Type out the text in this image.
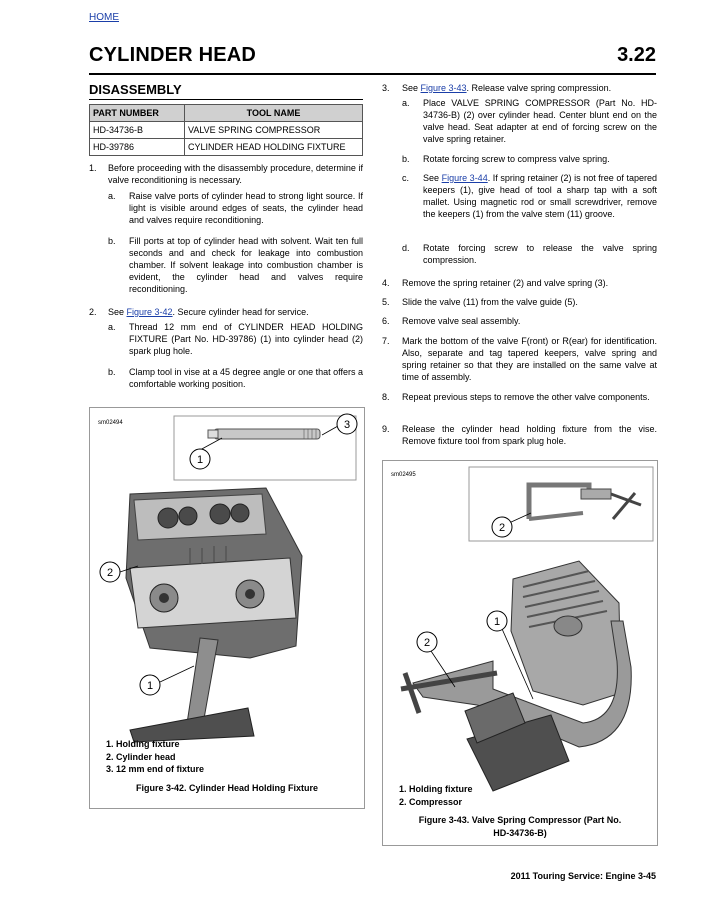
HOME
CYLINDER HEAD	3.22
DISASSEMBLY
PART NUMBER	TOOL NAME
HD-34736-B	VALVE SPRING COMPRESSOR
HD-39786	CYLINDER HEAD HOLDING FIXTURE
1.	Before proceeding with the disassembly procedure, determine if valve reconditioning is necessary.
a.	Raise valve ports of cylinder head to strong light source. If light is visible around edges of seats, the cylinder head and valves require reconditioning.
b.	Fill ports at top of cylinder head with solvent. Wait ten full seconds and and check for leakage into combustion chamber. If solvent leakage into combustion chamber is evident, the cylinder head and valves require reconditioning.
2.	See Figure 3-42. Secure cylinder head for service.
a.	Thread 12 mm end of CYLINDER HEAD HOLDING FIXTURE (Part No. HD-39786) (1) into cylinder head (2) spark plug hole.
b.	Clamp tool in vise at a 45 degree angle or one that offers a comfortable working position.
sm02494
1
3
2
1
1. Holding fixture
2. Cylinder head
3. 12 mm end of fixture
Figure 3-42. Cylinder Head Holding Fixture
3.	See Figure 3-43. Release valve spring compression.
a.	Place VALVE SPRING COMPRESSOR (Part No. HD-34736-B) (2) over cylinder head. Center blunt end on the valve head. Seat adapter at end of forcing screw on the valve spring retainer.
b.	Rotate forcing screw to compress valve spring.
c.	See Figure 3-44. If spring retainer (2) is not free of tapered keepers (1), give head of tool a sharp tap with a soft mallet. Using magnetic rod or small screwdriver, remove the keepers (1) from the valve stem (11) groove.
d.	Rotate forcing screw to release the valve spring compression.
4.	Remove the spring retainer (2) and valve spring (3).
5.	Slide the valve (11) from the valve guide (5).
6.	Remove valve seal assembly.
7.	Mark the bottom of the valve F(ront) or R(ear) for identification. Also, separate and tag tapered keepers, valve spring and spring retainer so that they are installed on the same valve at time of assembly.
8.	Repeat previous steps to remove the other valve components.
9.	Release the cylinder head holding fixture from the vise. Remove fixture tool from spark plug hole.
sm02495
2
1
2
1. Holding fixture
2. Compressor
Figure 3-43. Valve Spring Compressor (Part No.
HD-34736-B)
2011 Touring Service: Engine 3-45
